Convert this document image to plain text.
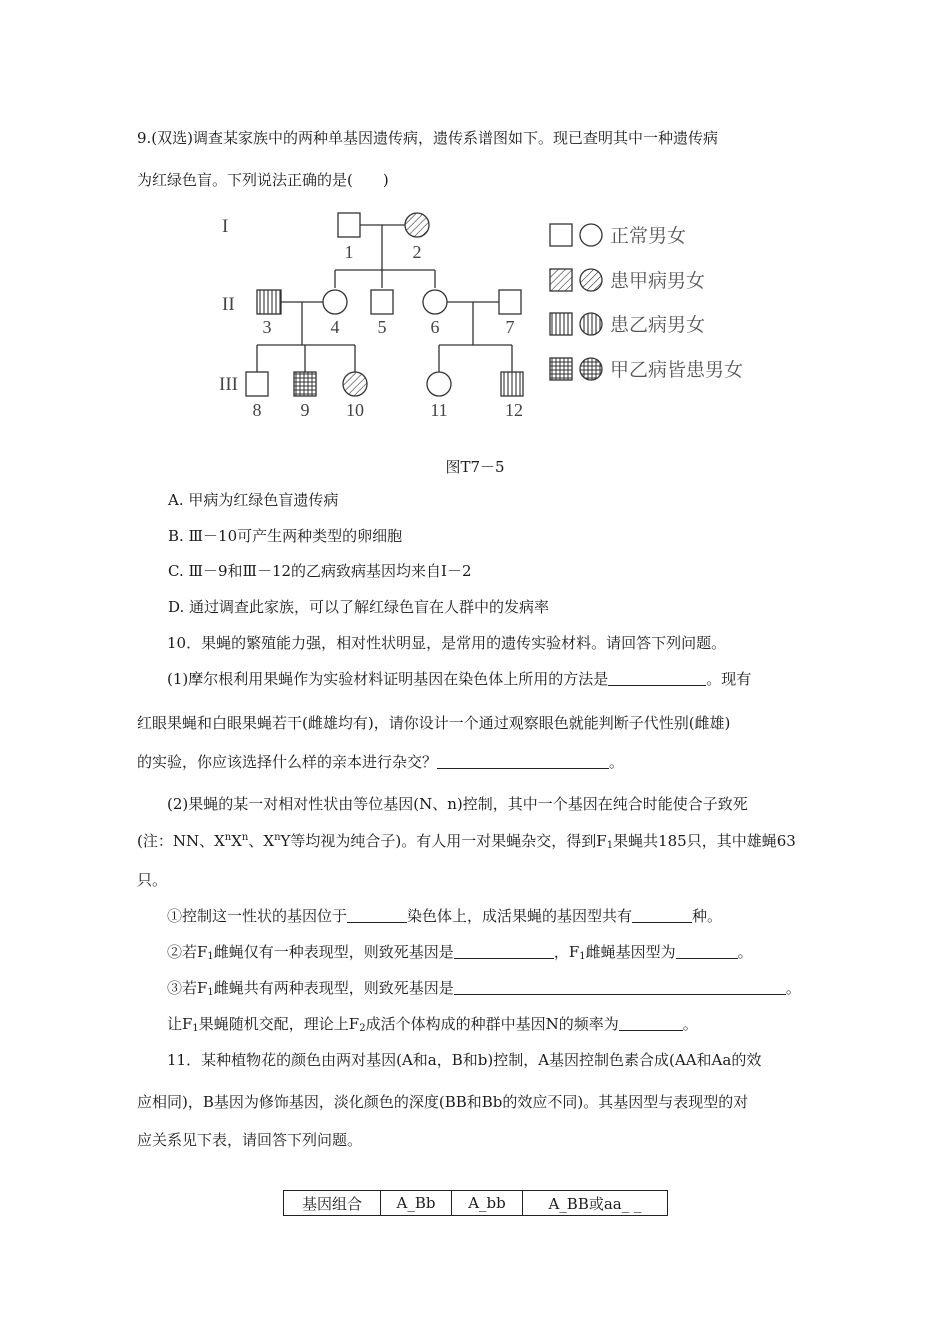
9.(双选)调查某家族中的两种单基因遗传病，遗传系谱图如下。现已查明其中一种遗传病
为红绿色盲。下列说法正确的是(　　)
I
II
III
1	2
3	4 5 6	7
8 9 10	11	12
正常男女
患甲病男女
患乙病男女
甲乙病皆患男女
图T7－5
A. 甲病为红绿色盲遗传病
B. Ⅲ－10可产生两种类型的卵细胞
C. Ⅲ－9和Ⅲ－12的乙病致病基因均来自Ⅰ－2
D. 通过调查此家族，可以了解红绿色盲在人群中的发病率
10．果蝇的繁殖能力强，相对性状明显，是常用的遗传实验材料。请回答下列问题。
(1)摩尔根利用果蝇作为实验材料证明基因在染色体上所用的方法是	。现有
红眼果蝇和白眼果蝇若干(雌雄均有)，请你设计一个通过观察眼色就能判断子代性别(雌雄)
的实验，你应该选择什么样的亲本进行杂交？	。
(2)果蝇的某一对相对性状由等位基因(N、n)控制，其中一个基因在纯合时能使合子致死
(注：NN、$X^nX^n$、$X^nY$等均视为纯合子)。有人用一对果蝇杂交，得到$F_1$果蝇共185只，其中雄蝇63
只。
①控制这一性状的基因位于	染色体上，成活果蝇的基因型共有	种。
②若$F_1$雌蝇仅有一种表现型，则致死基因是	，$F_1$雌蝇基因型为	。
③若$F_1$雌蝇共有两种表现型，则致死基因是	。
让$F_1$果蝇随机交配，理论上$F_2$成活个体构成的种群中基因N的频率为	。
11．某种植物花的颜色由两对基因(A和a，B和b)控制，A基因控制色素合成(AA和Aa的效
应相同)，B基因为修饰基因，淡化颜色的深度(BB和Bb的效应不同)。其基因型与表现型的对
应关系见下表，请回答下列问题。
基因组合	A_Bb	A_bb	A_BB或aa_ _
